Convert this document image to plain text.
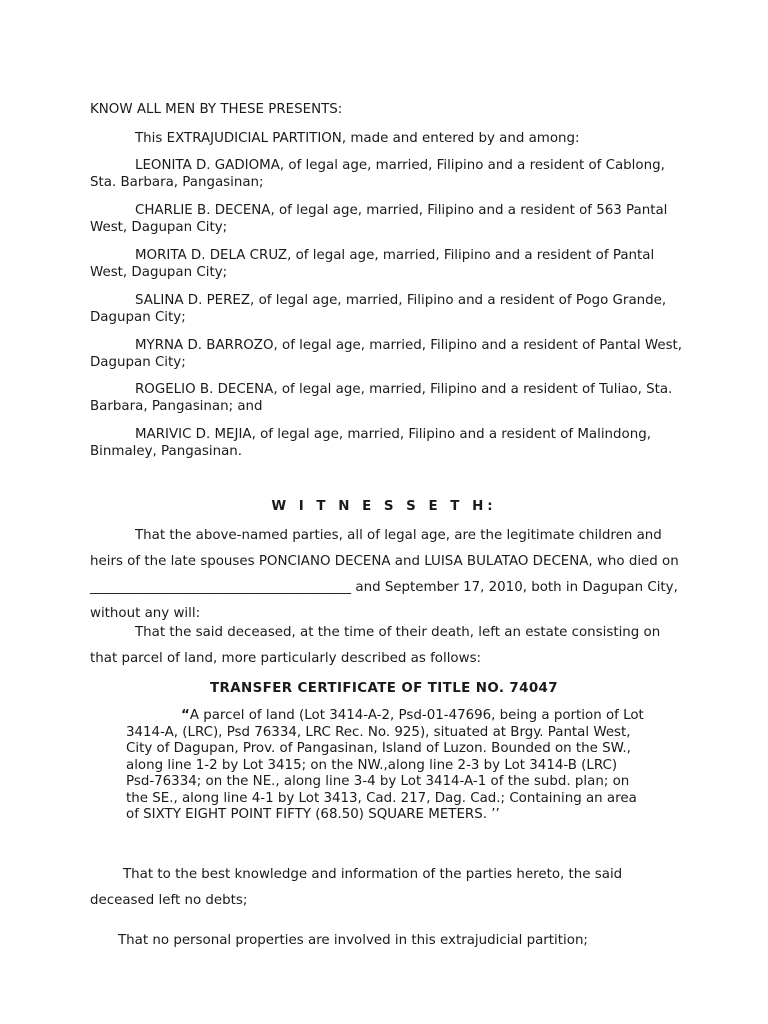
KNOW ALL MEN BY THESE PRESENTS:

This EXTRAJUDICIAL PARTITION, made and entered by and among:

LEONITA D. GADIOMA, of legal age, married, Filipino and a resident of Cablong, Sta. Barbara, Pangasinan;

CHARLIE B. DECENA, of legal age, married, Filipino and a resident of 563 Pantal West, Dagupan City;

MORITA D. DELA CRUZ, of legal age, married, Filipino and a resident of Pantal West, Dagupan City;

SALINA D. PEREZ, of legal age, married, Filipino and a resident of Pogo Grande, Dagupan City;

MYRNA D. BARROZO, of legal age, married, Filipino and a resident of Pantal West, Dagupan City;

ROGELIO B. DECENA, of legal age, married, Filipino and a resident of Tuliao, Sta. Barbara, Pangasinan; and

MARIVIC D. MEJIA, of legal age, married, Filipino and a resident of Malindong, Binmaley, Pangasinan.

W I T N E S S E T H:

That the above-named parties, all of legal age, are the legitimate children and heirs of the late spouses PONCIANO DECENA and LUISA BULATAO DECENA, who died on _______________________________________ and September 17, 2010, both in Dagupan City, without any will:

That the said deceased, at the time of their death, left an estate consisting on that parcel of land, more particularly described as follows:

TRANSFER CERTIFICATE OF TITLE NO. 74047

“A parcel of land (Lot 3414-A-2, Psd-01-47696, being a portion of Lot 3414-A, (LRC), Psd 76334, LRC Rec. No. 925), situated at Brgy. Pantal West, City of Dagupan, Prov. of Pangasinan, Island of Luzon. Bounded on the SW., along line 1-2 by Lot 3415; on the NW.,along line 2-3 by Lot 3414-B (LRC) Psd-76334; on the NE., along line 3-4 by Lot 3414-A-1 of the subd. plan; on the SE., along line 4-1 by Lot 3413, Cad. 217, Dag. Cad.; Containing an area of SIXTY EIGHT POINT FIFTY (68.50) SQUARE METERS. ’’

That to the best knowledge and information of the parties hereto, the said deceased left no debts;

That no personal properties are involved in this extrajudicial partition;
